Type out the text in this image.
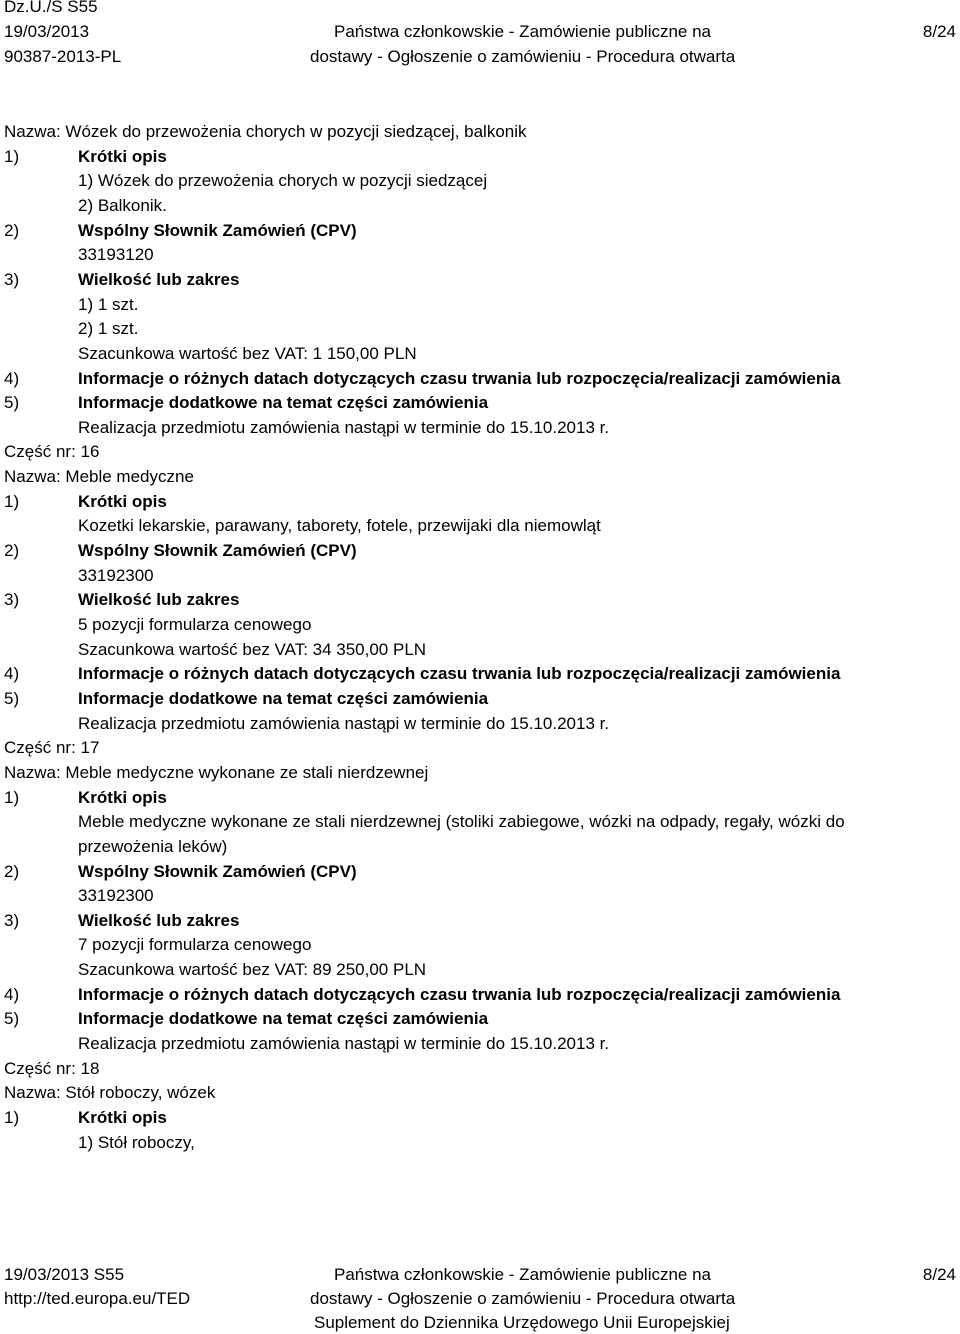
Dz.U./S S55
19/03/2013
90387-2013-PL
Państwa członkowskie - Zamówienie publiczne na
dostawy - Ogłoszenie o zamówieniu - Procedura otwarta
8/24
Nazwa: Wózek do przewożenia chorych w pozycji siedzącej, balkonik
1)	Krótki opis
1) Wózek do przewożenia chorych w pozycji siedzącej
2) Balkonik.
2)	Wspólny Słownik Zamówień (CPV)
33193120
3)	Wielkość lub zakres
1) 1 szt.
2) 1 szt.
Szacunkowa wartość bez VAT: 1 150,00 PLN
4)	Informacje o różnych datach dotyczących czasu trwania lub rozpoczęcia/realizacji zamówienia
5)	Informacje dodatkowe na temat części zamówienia
Realizacja przedmiotu zamówienia nastąpi w terminie do 15.10.2013 r.
Część nr: 16
Nazwa: Meble medyczne
1)	Krótki opis
Kozetki lekarskie, parawany, taborety, fotele, przewijaki dla niemowląt
2)	Wspólny Słownik Zamówień (CPV)
33192300
3)	Wielkość lub zakres
5 pozycji formularza cenowego
Szacunkowa wartość bez VAT: 34 350,00 PLN
4)	Informacje o różnych datach dotyczących czasu trwania lub rozpoczęcia/realizacji zamówienia
5)	Informacje dodatkowe na temat części zamówienia
Realizacja przedmiotu zamówienia nastąpi w terminie do 15.10.2013 r.
Część nr: 17
Nazwa: Meble medyczne wykonane ze stali nierdzewnej
1)	Krótki opis
Meble medyczne wykonane ze stali nierdzewnej (stoliki zabiegowe, wózki na odpady, regały, wózki do
przewożenia leków)
2)	Wspólny Słownik Zamówień (CPV)
33192300
3)	Wielkość lub zakres
7 pozycji formularza cenowego
Szacunkowa wartość bez VAT: 89 250,00 PLN
4)	Informacje o różnych datach dotyczących czasu trwania lub rozpoczęcia/realizacji zamówienia
5)	Informacje dodatkowe na temat części zamówienia
Realizacja przedmiotu zamówienia nastąpi w terminie do 15.10.2013 r.
Część nr: 18
Nazwa: Stół roboczy, wózek
1)	Krótki opis
1) Stół roboczy,
19/03/2013 S55
http://ted.europa.eu/TED
Państwa członkowskie - Zamówienie publiczne na
dostawy - Ogłoszenie o zamówieniu - Procedura otwarta
Suplement do Dziennika Urzędowego Unii Europejskiej
8/24
